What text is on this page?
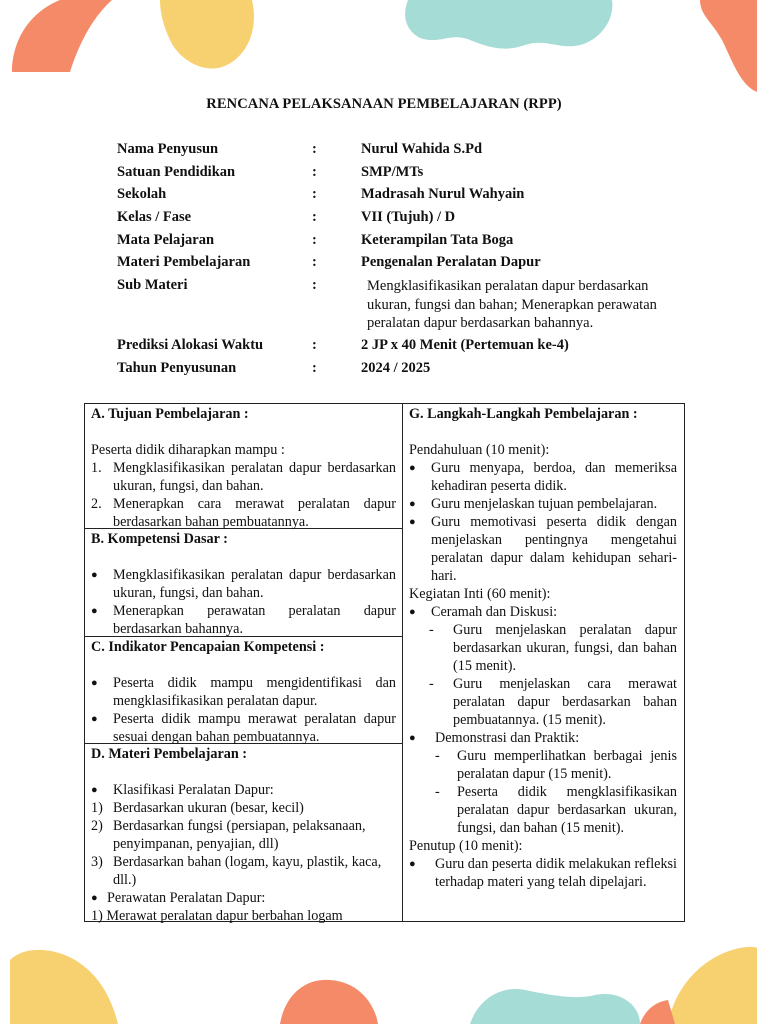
RENCANA PELAKSANAAN PEMBELAJARAN (RPP)
Nama Penyusun	:	Nurul Wahida S.Pd
Satuan Pendidikan	:	SMP/MTs
Sekolah	:	Madrasah Nurul Wahyain
Kelas / Fase	:	VII (Tujuh) / D
Mata Pelajaran	:	Keterampilan Tata Boga
Materi Pembelajaran	:	Pengenalan Peralatan Dapur
Sub Materi	:	Mengklasifikasikan peralatan dapur berdasarkan ukuran, fungsi dan bahan; Menerapkan perawatan peralatan dapur berdasarkan bahannya.
Prediksi Alokasi Waktu	:	2 JP x 40 Menit (Pertemuan ke-4)
Tahun Penyusunan	:	2024 / 2025
A. Tujuan Pembelajaran :
Peserta didik diharapkan mampu :
1. Mengklasifikasikan peralatan dapur berdasarkan ukuran, fungsi, dan bahan.
2. Menerapkan cara merawat peralatan dapur berdasarkan bahan pembuatannya.
B. Kompetensi Dasar :
●	Mengklasifikasikan peralatan dapur berdasarkan ukuran, fungsi, dan bahan.
●	Menerapkan perawatan peralatan dapur berdasarkan bahannya.
C. Indikator Pencapaian Kompetensi :
●	Peserta didik mampu mengidentifikasi dan mengklasifikasikan peralatan dapur.
●	Peserta didik mampu merawat peralatan dapur sesuai dengan bahan pembuatannya.
D. Materi Pembelajaran :
●	Klasifikasi Peralatan Dapur:
1) Berdasarkan ukuran (besar, kecil)
2) Berdasarkan fungsi (persiapan, pelaksanaan, penyimpanan, penyajian, dll)
3) Berdasarkan bahan (logam, kayu, plastik, kaca, dll.)
● Perawatan Peralatan Dapur:
1) Merawat peralatan dapur berbahan logam
G. Langkah-Langkah Pembelajaran :
Pendahuluan (10 menit):
●	Guru menyapa, berdoa, dan memeriksa kehadiran peserta didik.
●	Guru menjelaskan tujuan pembelajaran.
●	Guru memotivasi peserta didik dengan menjelaskan pentingnya mengetahui peralatan dapur dalam kehidupan sehari-hari.
Kegiatan Inti (60 menit):
●	Ceramah dan Diskusi:
-	Guru menjelaskan peralatan dapur berdasarkan ukuran, fungsi, dan bahan (15 menit).
-	Guru menjelaskan cara merawat peralatan dapur berdasarkan bahan pembuatannya. (15 menit).
●	Demonstrasi dan Praktik:
-	Guru memperlihatkan berbagai jenis peralatan dapur (15 menit).
-	Peserta didik mengklasifikasikan peralatan dapur berdasarkan ukuran, fungsi, dan bahan (15 menit).
Penutup (10 menit):
●	Guru dan peserta didik melakukan refleksi terhadap materi yang telah dipelajari.
